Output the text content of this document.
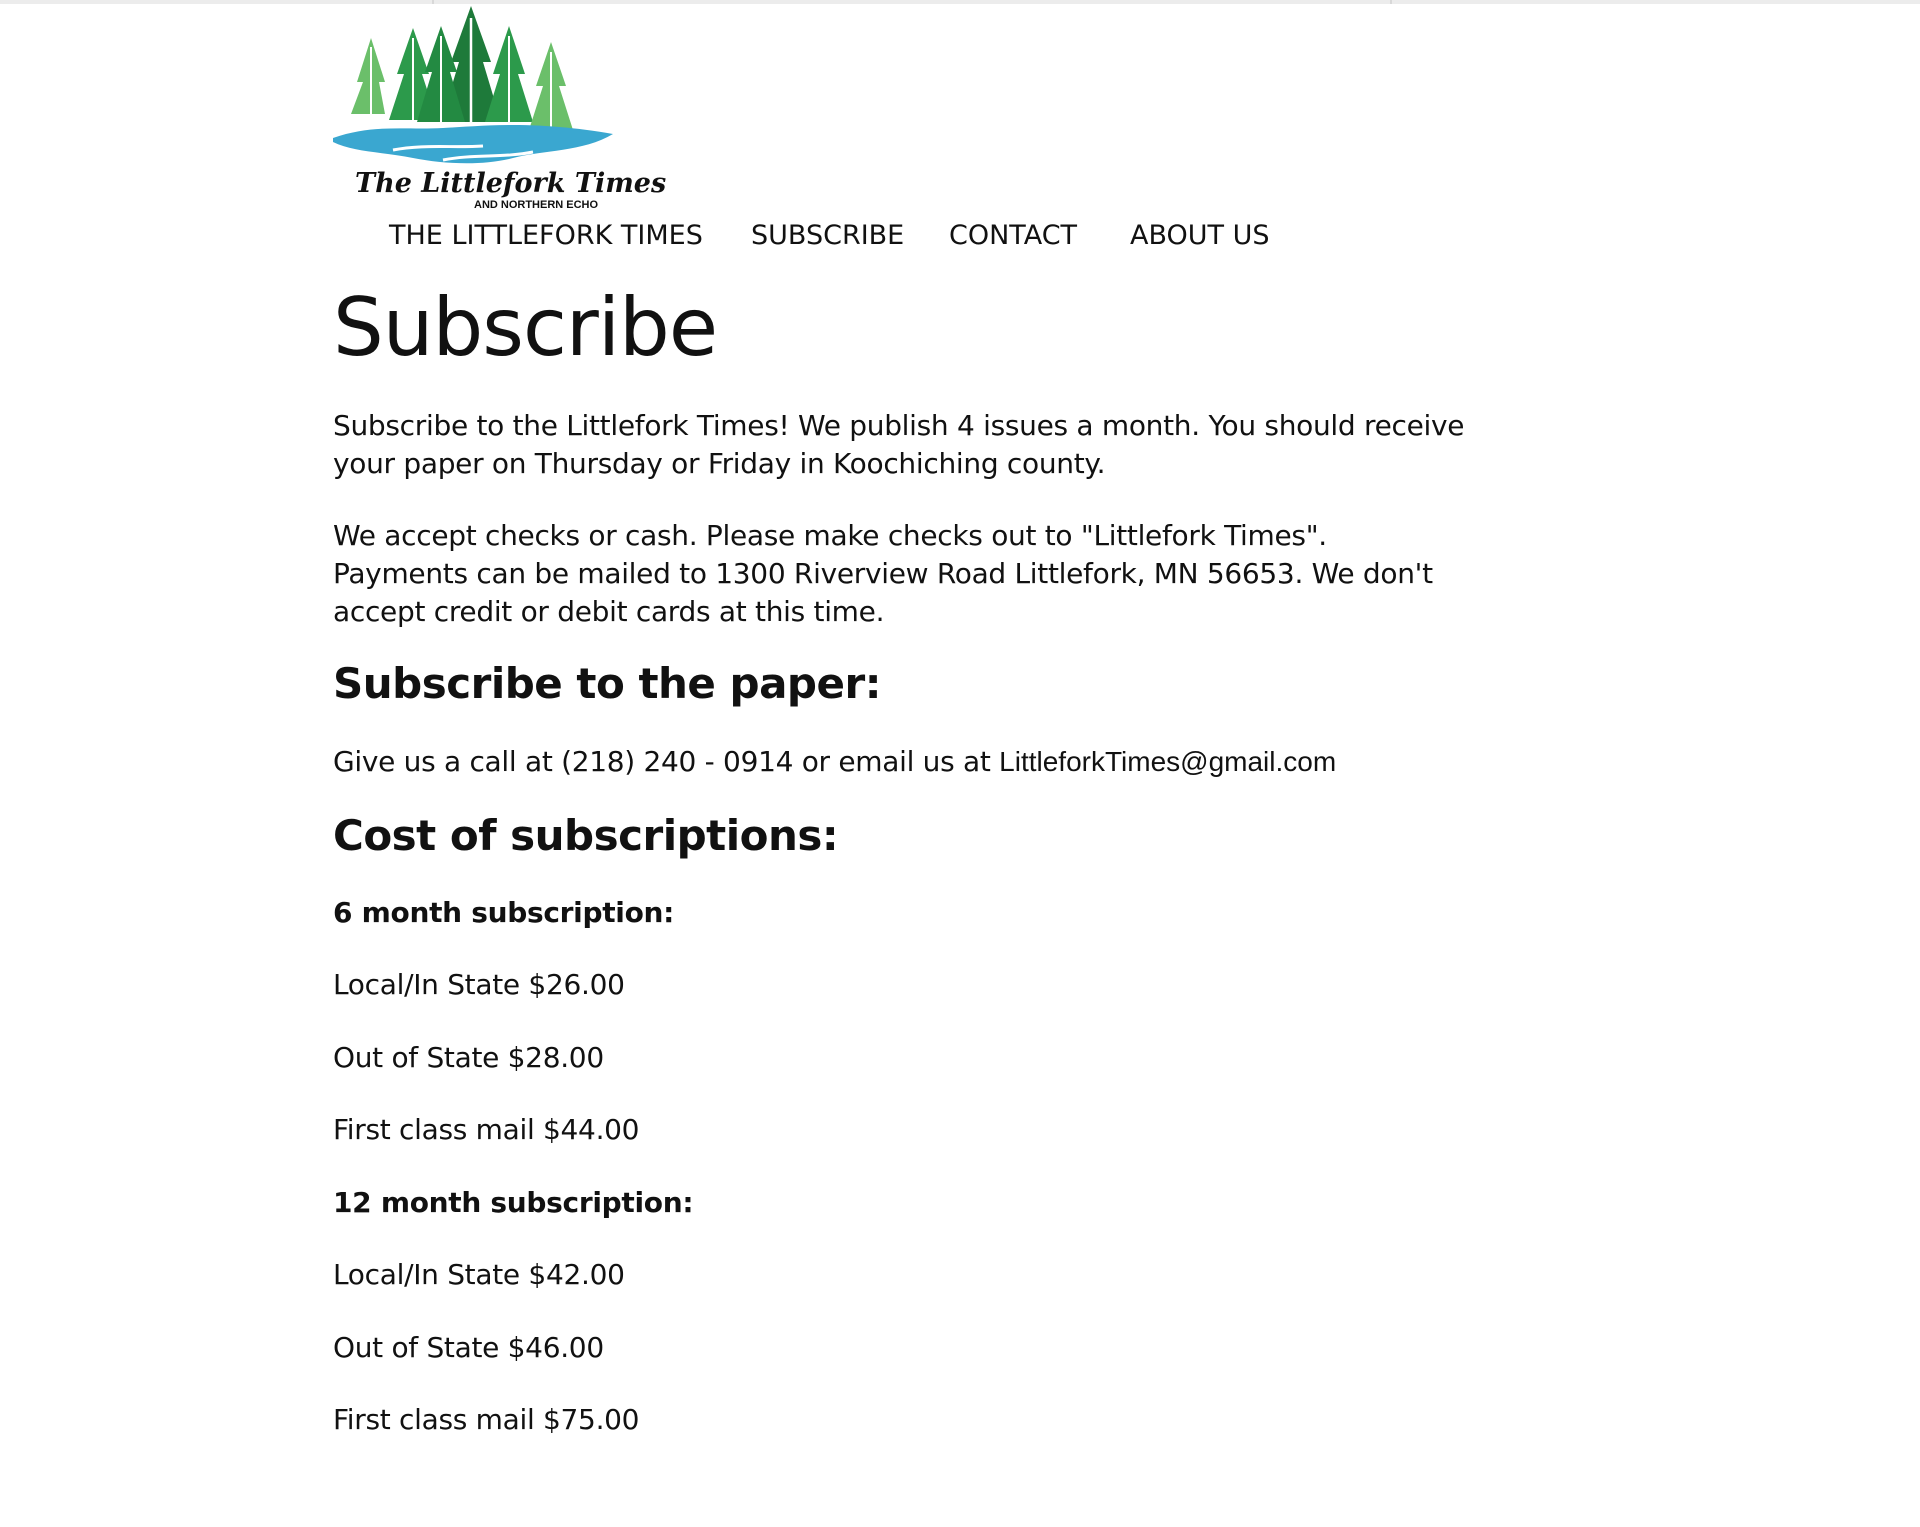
The Littlefork Times
AND NORTHERN ECHO
THE LITTLEFORK TIMES SUBSCRIBE CONTACT ABOUT US
Subscribe

Subscribe to the Littlefork Times! We publish 4 issues a month. You should receive your paper on Thursday or Friday in Koochiching county.

We accept checks or cash. Please make checks out to "Littlefork Times".
Payments can be mailed to 1300 Riverview Road Littlefork, MN 56653. We don't accept credit or debit cards at this time.

Subscribe to the paper:

Give us a call at (218) 240 - 0914 or email us at LittleforkTimes@gmail.com

Cost of subscriptions:

6 month subscription:

Local/In State $26.00

Out of State $28.00

First class mail $44.00

12 month subscription:

Local/In State $42.00

Out of State $46.00

First class mail $75.00
